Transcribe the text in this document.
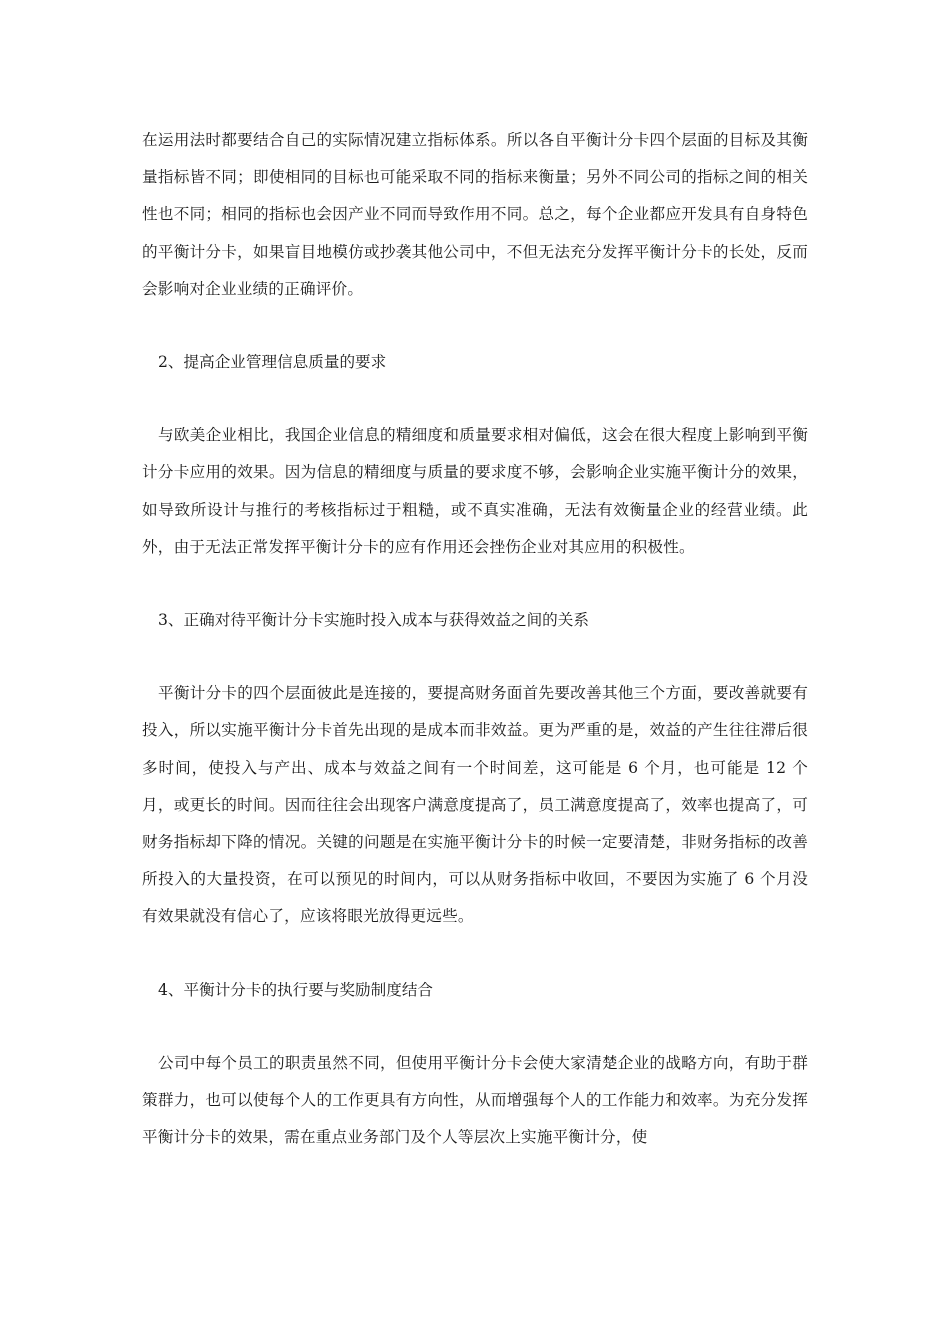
在运用法时都要结合自己的实际情况建立指标体系。所以各自平衡计分卡四个层面的目标及其衡量指标皆不同；即使相同的目标也可能采取不同的指标来衡量；另外不同公司的指标之间的相关性也不同；相同的指标也会因产业不同而导致作用不同。总之，每个企业都应开发具有自身特色的平衡计分卡，如果盲目地模仿或抄袭其他公司中，不但无法充分发挥平衡计分卡的长处，反而会影响对企业业绩的正确评价。

2、提高企业管理信息质量的要求

与欧美企业相比，我国企业信息的精细度和质量要求相对偏低，这会在很大程度上影响到平衡计分卡应用的效果。因为信息的精细度与质量的要求度不够，会影响企业实施平衡计分的效果，如导致所设计与推行的考核指标过于粗糙，或不真实准确，无法有效衡量企业的经营业绩。此外，由于无法正常发挥平衡计分卡的应有作用还会挫伤企业对其应用的积极性。

3、正确对待平衡计分卡实施时投入成本与获得效益之间的关系

平衡计分卡的四个层面彼此是连接的，要提高财务面首先要改善其他三个方面，要改善就要有投入，所以实施平衡计分卡首先出现的是成本而非效益。更为严重的是，效益的产生往往滞后很多时间，使投入与产出、成本与效益之间有一个时间差，这可能是 6 个月，也可能是 12 个月，或更长的时间。因而往往会出现客户满意度提高了，员工满意度提高了，效率也提高了，可财务指标却下降的情况。关键的问题是在实施平衡计分卡的时候一定要清楚，非财务指标的改善所投入的大量投资，在可以预见的时间内，可以从财务指标中收回，不要因为实施了 6 个月没有效果就没有信心了，应该将眼光放得更远些。

4、平衡计分卡的执行要与奖励制度结合

公司中每个员工的职责虽然不同，但使用平衡计分卡会使大家清楚企业的战略方向，有助于群策群力，也可以使每个人的工作更具有方向性，从而增强每个人的工作能力和效率。为充分发挥平衡计分卡的效果，需在重点业务部门及个人等层次上实施平衡计分，使
